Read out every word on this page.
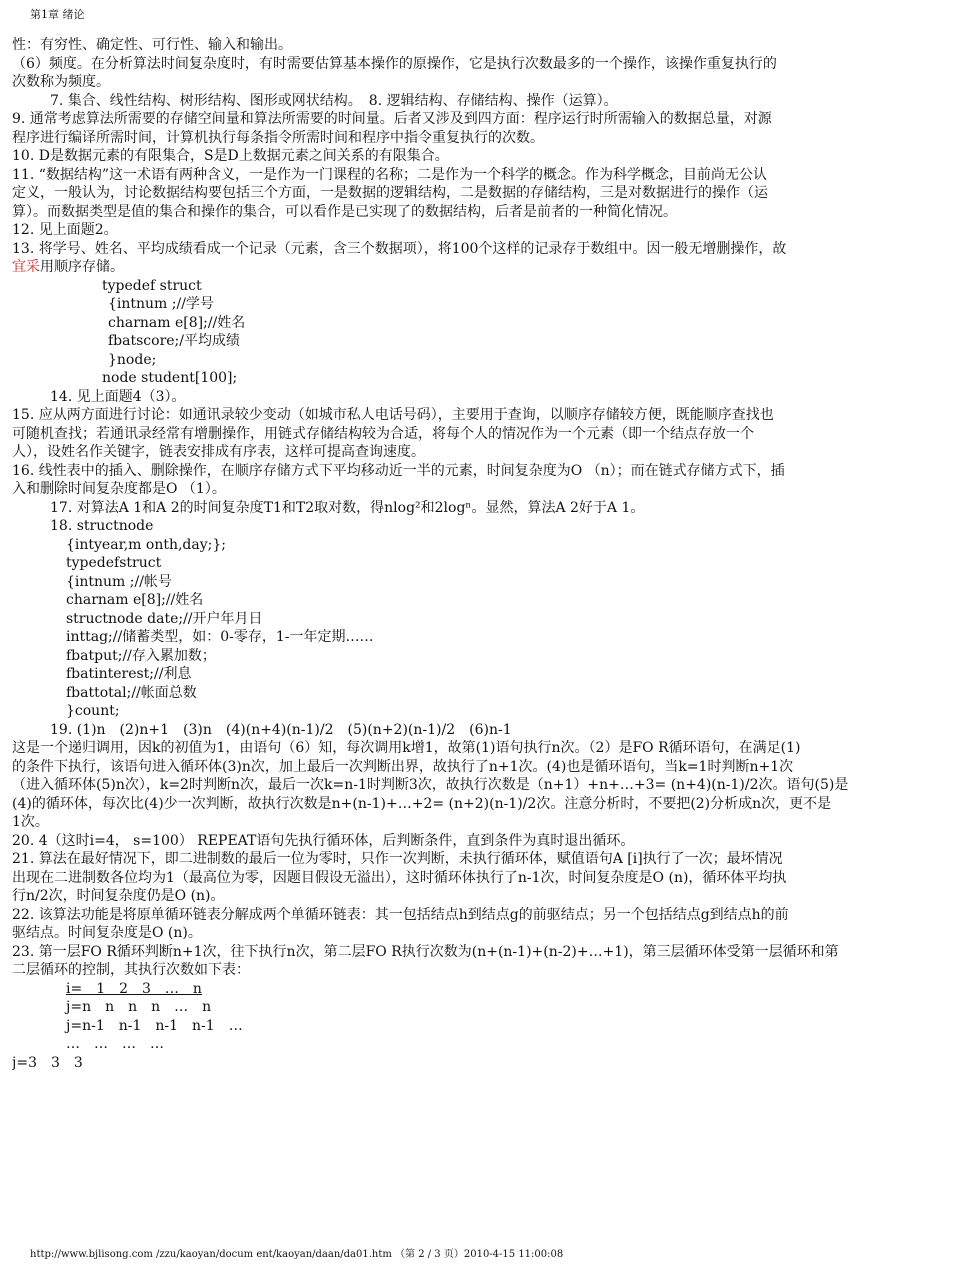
第1章 绪论
性：有穷性、确定性、可行性、输入和输出。
（6）频度。在分析算法时间复杂度时，有时需要估算基本操作的原操作，它是执行次数最多的一个操作，该操作重复执行的
次数称为频度。
7. 集合、线性结构、树形结构、图形或网状结构。　8. 逻辑结构、存储结构、操作（运算）。
9. 通常考虑算法所需要的存储空间量和算法所需要的时间量。后者又涉及到四方面：程序运行时所需输入的数据总量，对源
程序进行编译所需时间，计算机执行每条指令所需时间和程序中指令重复执行的次数。
10. D是数据元素的有限集合，S是D上数据元素之间关系的有限集合。
11. “数据结构”这一术语有两种含义，一是作为一门课程的名称；二是作为一个科学的概念。作为科学概念，目前尚无公认
定义，一般认为，讨论数据结构要包括三个方面，一是数据的逻辑结构，二是数据的存储结构，三是对数据进行的操作（运
算）。而数据类型是值的集合和操作的集合，可以看作是已实现了的数据结构，后者是前者的一种简化情况。
12. 见上面题2。
13. 将学号、姓名、平均成绩看成一个记录（元素，含三个数据项），将100个这样的记录存于数组中。因一般无增删操作，故
宜采用顺序存储。
typedef struct
{intnum ;//学号
charnam e[8];//姓名
fbatscore;/平均成绩
}node;
node student[100];
14. 见上面题4（3）。
15. 应从两方面进行讨论：如通讯录较少变动（如城市私人电话号码），主要用于查询，以顺序存储较方便，既能顺序查找也
可随机查找；若通讯录经常有增删操作，用链式存储结构较为合适，将每个人的情况作为一个元素（即一个结点存放一个
人），设姓名作关键字，链表安排成有序表，这样可提高查询速度。
16. 线性表中的插入、删除操作，在顺序存储方式下平均移动近一半的元素，时间复杂度为O （n）；而在链式存储方式下，插
入和删除时间复杂度都是O （1）。
17. 对算法A 1和A 2的时间复杂度T1和T2取对数，得nlog²和2logⁿ。显然，算法A 2好于A 1。
18. structnode
{intyear,m onth,day;};
typedefstruct
{intnum ;//帐号
charnam e[8];//姓名
structnode date;//开户年月日
inttag;//储蓄类型，如：0-零存，1-一年定期……
fbatput;//存入累加数；
fbatinterest;//利息
fbattotal;//帐面总数
}count;
19. (1)n　(2)n+1　(3)n　(4)(n+4)(n-1)/2　(5)(n+2)(n-1)/2　(6)n-1
这是一个递归调用，因k的初值为1，由语句（6）知，每次调用k增1，故第(1)语句执行n次。（2）是FO R循环语句，在满足(1)
的条件下执行，该语句进入循环体(3)n次，加上最后一次判断出界，故执行了n+1次。(4)也是循环语句，当k=1时判断n+1次
（进入循环体(5)n次），k=2时判断n次，最后一次k=n-1时判断3次，故执行次数是（n+1）+n+…+3= (n+4)(n-1)/2次。语句(5)是
(4)的循环体，每次比(4)少一次判断，故执行次数是n+(n-1)+…+2= (n+2)(n-1)/2次。注意分析时，不要把(2)分析成n次，更不是
1次。
20. 4（这时i=4， s=100） REPEAT语句先执行循环体，后判断条件，直到条件为真时退出循环。
21. 算法在最好情况下，即二进制数的最后一位为零时，只作一次判断，未执行循环体，赋值语句A [i]执行了一次；最坏情况
出现在二进制数各位均为1（最高位为零，因题目假设无溢出），这时循环体执行了n-1次，时间复杂度是O (n)，循环体平均执
行n/2次，时间复杂度仍是O (n)。
22. 该算法功能是将原单循环链表分解成两个单循环链表：其一包括结点h到结点g的前驱结点；另一个包括结点g到结点h的前
驱结点。时间复杂度是O (n)。
23. 第一层FO R循环判断n+1次，往下执行n次，第二层FO R执行次数为(n+(n-1)+(n-2)+…+1)，第三层循环体受第一层循环和第
二层循环的控制，其执行次数如下表：
i=　1　2　3　…　n
j=n　n　n　n　…　n
j=n-1　n-1　n-1　n-1　…
…　…　…　…
j=3　3　3
http://www.bjlisong.com /zzu/kaoyan/docum ent/kaoyan/daan/da01.htm （第 2 / 3 页）2010-4-15 11:00:08
